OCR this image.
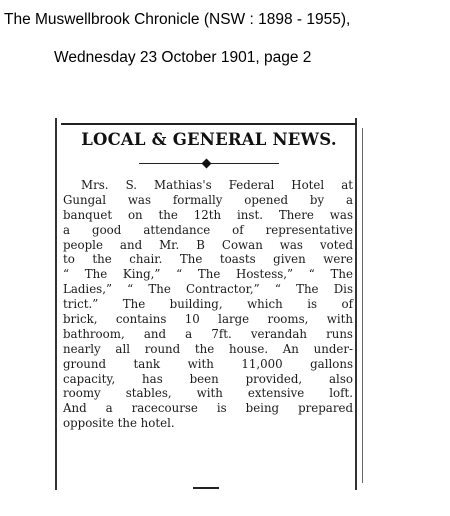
The Muswellbrook Chronicle (NSW : 1898 - 1955),
Wednesday 23 October 1901, page 2
LOCAL & GENERAL NEWS.
Mrs. S. Mathias's Federal Hotel at
Gungal was formally opened by a
banquet on the 12th inst. There was
a good attendance of representative
people and Mr. B Cowan was voted
to the chair. The toasts given were
“ The King,” “ The Hostess,” “ The
Ladies,” “ The Contractor,” “ The Dis
trict.” The building, which is of
brick, contains 10 large rooms, with
bathroom, and a 7ft. verandah runs
nearly all round the house. An under-
ground tank with 11,000 gallons
capacity, has been provided, also
roomy stables, with extensive loft.
And a racecourse is being prepared
opposite the hotel.
